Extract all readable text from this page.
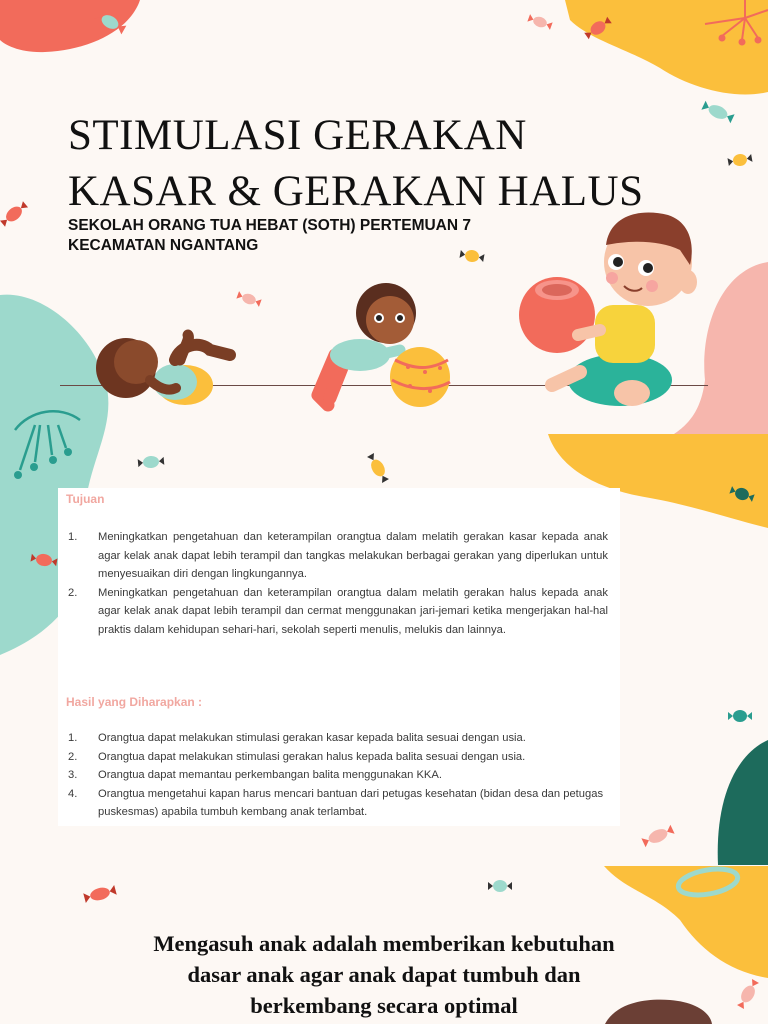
STIMULASI GERAKAN
KASAR & GERAKAN HALUS
SEKOLAH ORANG TUA HEBAT (SOTH) PERTEMUAN 7
KECAMATAN NGANTANG
Tujuan
1.	Meningkatkan pengetahuan dan keterampilan orangtua dalam melatih gerakan kasar kepada anak agar kelak anak dapat lebih terampil dan tangkas melakukan berbagai gerakan yang diperlukan untuk menyesuaikan diri dengan lingkungannya.
2.	Meningkatkan pengetahuan dan keterampilan orangtua dalam melatih gerakan halus kepada anak agar kelak anak dapat lebih terampil dan cermat menggunakan jari-jemari ketika mengerjakan hal-hal praktis dalam kehidupan sehari-hari, sekolah seperti menulis, melukis dan lainnya.
Hasil yang Diharapkan :
1.	Orangtua dapat melakukan stimulasi gerakan kasar kepada balita sesuai dengan usia.
2.	Orangtua dapat melakukan stimulasi gerakan halus kepada balita sesuai dengan usia.
3.	Orangtua dapat memantau perkembangan balita menggunakan KKA.
4.	Orangtua mengetahui kapan harus mencari bantuan dari petugas kesehatan (bidan desa dan petugas puskesmas) apabila tumbuh kembang anak terlambat.
Mengasuh anak adalah memberikan kebutuhan
dasar anak agar anak dapat tumbuh dan
berkembang secara optimal
